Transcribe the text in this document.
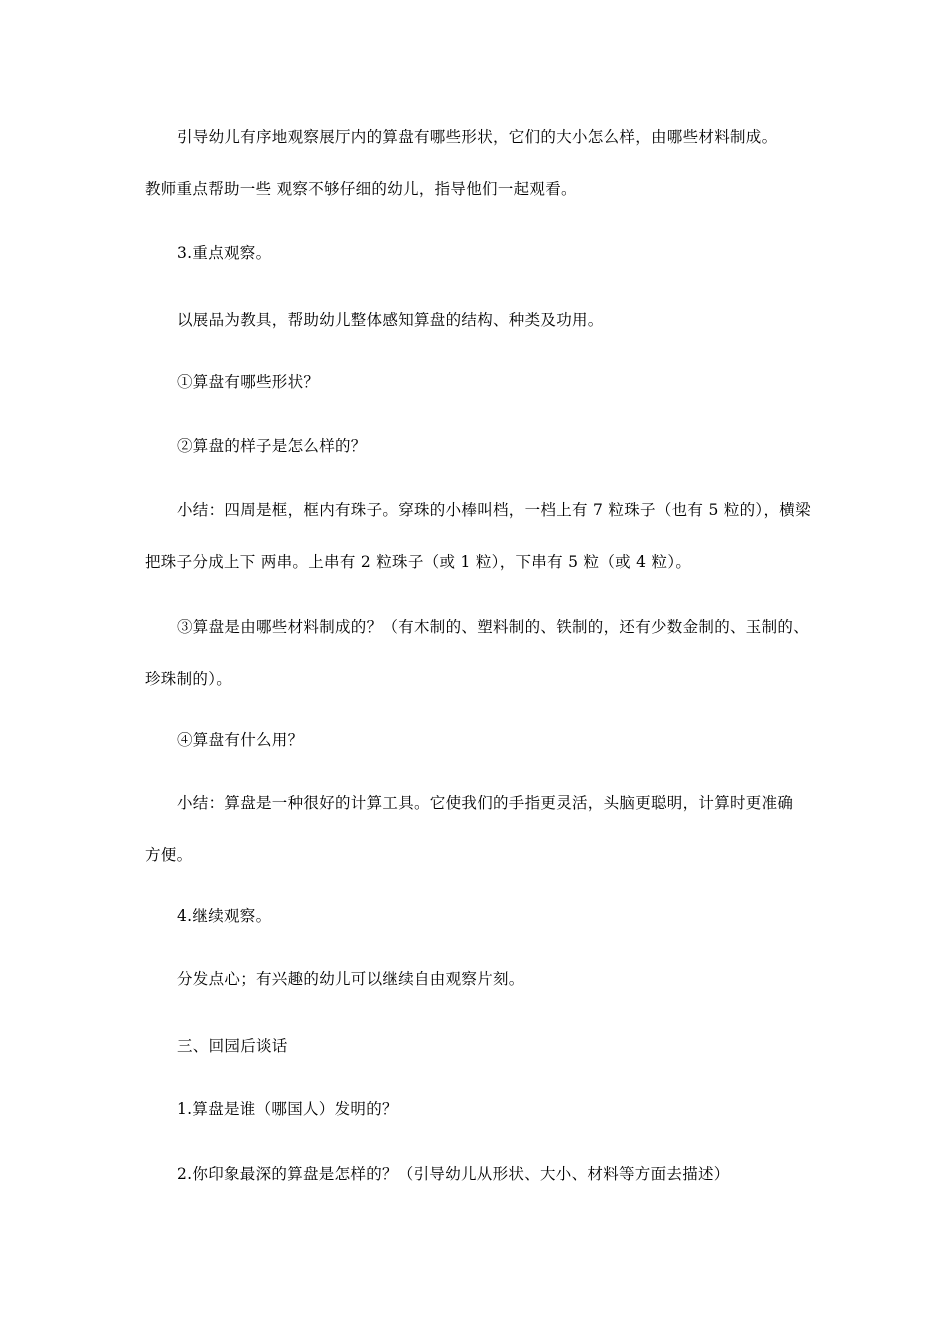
引导幼儿有序地观察展厅内的算盘有哪些形状，它们的大小怎么样，由哪些材料制成。
教师重点帮助一些 观察不够仔细的幼儿，指导他们一起观看。
3.重点观察。
以展品为教具，帮助幼儿整体感知算盘的结构、种类及功用。
①算盘有哪些形状？
②算盘的样子是怎么样的？
小结：四周是框，框内有珠子。穿珠的小棒叫档，一档上有 7 粒珠子（也有 5 粒的），横梁
把珠子分成上下 两串。上串有 2 粒珠子（或 1 粒），下串有 5 粒（或 4 粒）。
③算盘是由哪些材料制成的？（有木制的、塑料制的、铁制的，还有少数金制的、玉制的、
珍珠制的）。
④算盘有什么用？
小结：算盘是一种很好的计算工具。它使我们的手指更灵活，头脑更聪明，计算时更准确
方便。
4.继续观察。
分发点心；有兴趣的幼儿可以继续自由观察片刻。
三、回园后谈话
1.算盘是谁（哪国人）发明的？
2.你印象最深的算盘是怎样的？（引导幼儿从形状、大小、材料等方面去描述）
